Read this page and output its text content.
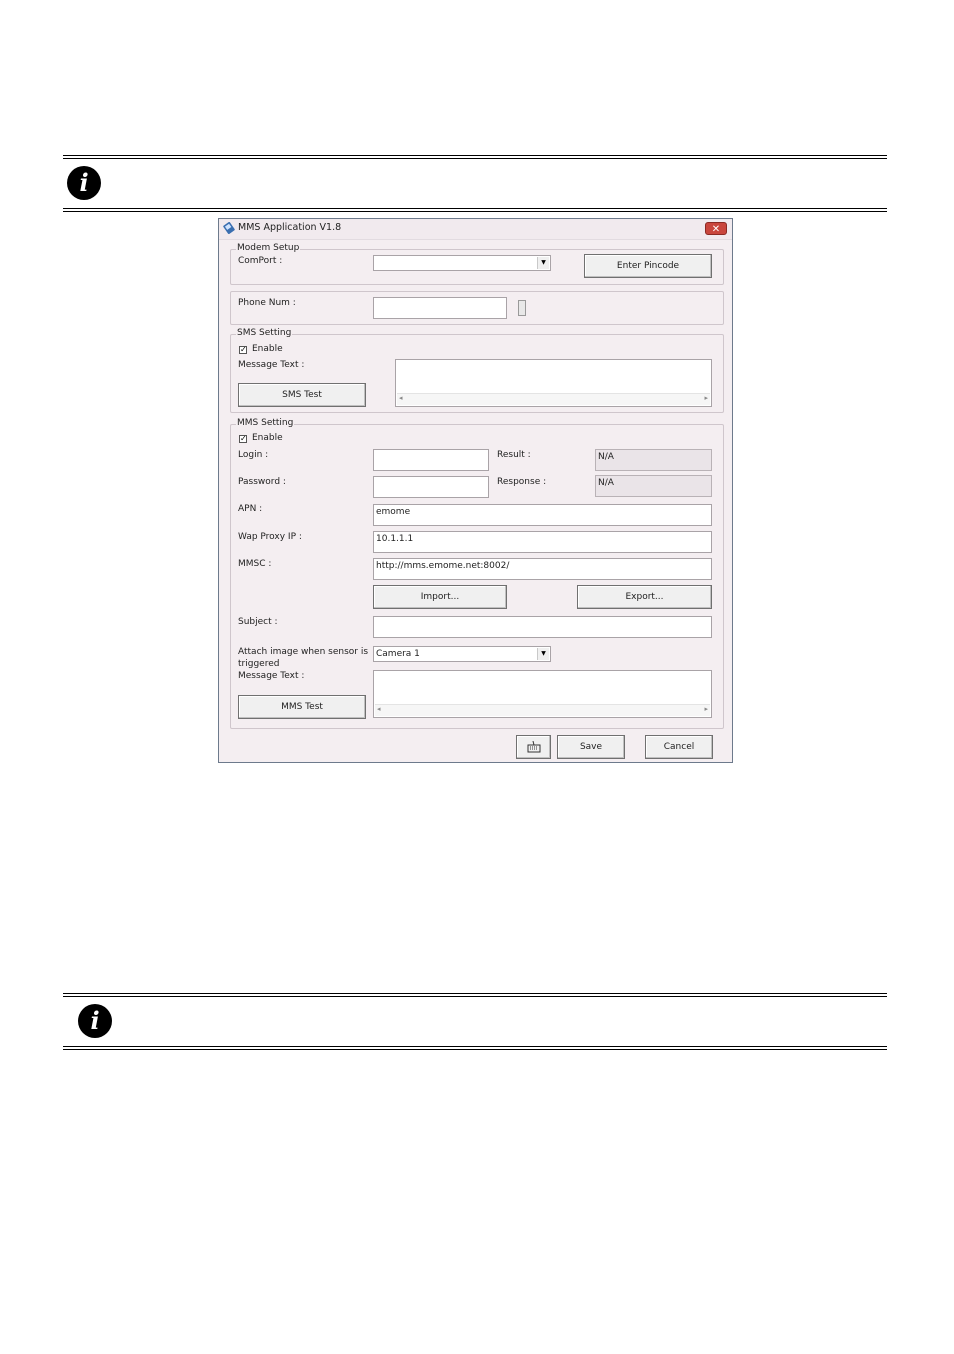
i
MMS Application V1.8	✕
Modem Setup
ComPort :	▼	Enter Pincode
Phone Num :
SMS Setting
✓ Enable
Message Text :
◂	▸
SMS Test
MMS Setting
✓ Enable
Login :	Result :	N/A
Password :	Response :	N/A
APN :	emome
Wap Proxy IP :	10.1.1.1
MMSC :	http://mms.emome.net:8002/
Import...	Export...
Subject :
Attach image when sensor is
triggered
Camera 1	▼
Message Text :
◂	▸
MMS Test
Save	Cancel
i
